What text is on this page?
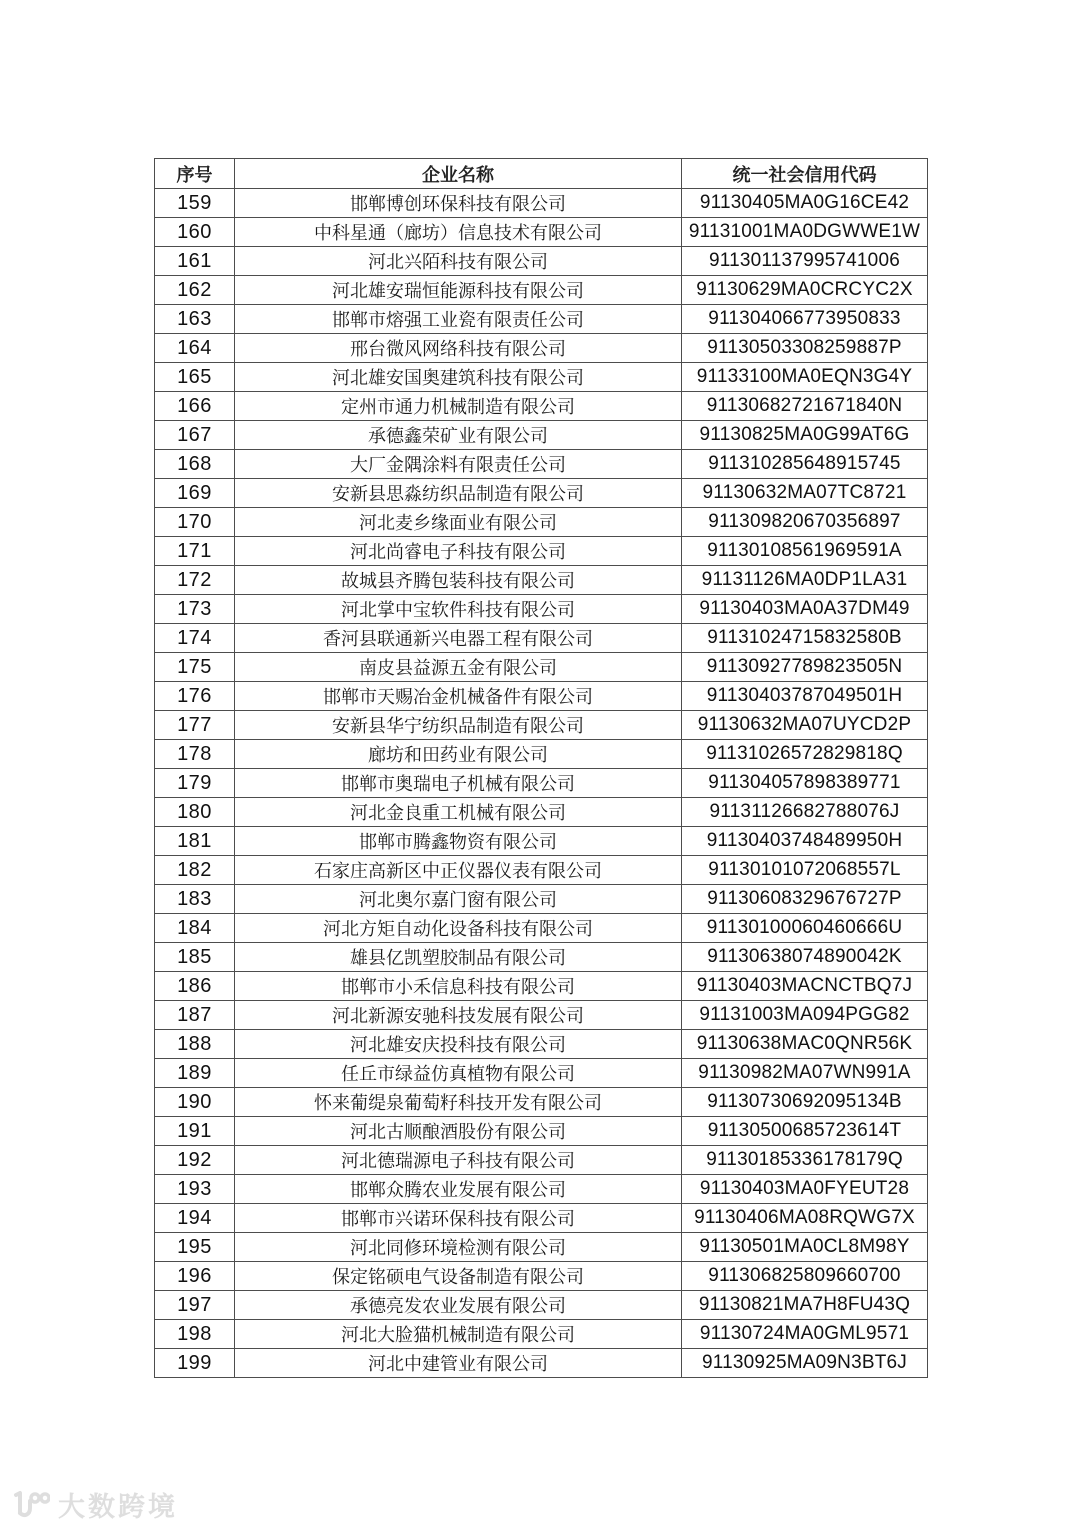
序号	企业名称	统一社会信用代码
159	邯郸博创环保科技有限公司	91130405MA0G16CE42
160	中科星通（廊坊）信息技术有限公司	91131001MA0DGWWE1W
161	河北兴陌科技有限公司	911301137995741006
162	河北雄安瑞恒能源科技有限公司	91130629MA0CRCYC2X
163	邯郸市熔强工业瓷有限责任公司	911304066773950833
164	邢台微风网络科技有限公司	91130503308259887P
165	河北雄安国奥建筑科技有限公司	91133100MA0EQN3G4Y
166	定州市通力机械制造有限公司	91130682721671840N
167	承德鑫荣矿业有限公司	91130825MA0G99AT6G
168	大厂金隅涂料有限责任公司	911310285648915745
169	安新县思淼纺织品制造有限公司	91130632MA07TC8721
170	河北麦乡缘面业有限公司	911309820670356897
171	河北尚睿电子科技有限公司	91130108561969591A
172	故城县齐腾包装科技有限公司	91131126MA0DP1LA31
173	河北掌中宝软件科技有限公司	91130403MA0A37DM49
174	香河县联通新兴电器工程有限公司	91131024715832580B
175	南皮县益源五金有限公司	91130927789823505N
176	邯郸市天赐冶金机械备件有限公司	91130403787049501H
177	安新县华宁纺织品制造有限公司	91130632MA07UYCD2P
178	廊坊和田药业有限公司	91131026572829818Q
179	邯郸市奥瑞电子机械有限公司	911304057898389771
180	河北金良重工机械有限公司	91131126682788076J
181	邯郸市腾鑫物资有限公司	91130403748489950H
182	石家庄高新区中正仪器仪表有限公司	91130101072068557L
183	河北奥尔嘉门窗有限公司	91130608329676727P
184	河北方矩自动化设备科技有限公司	91130100060460666U
185	雄县亿凯塑胶制品有限公司	91130638074890042K
186	邯郸市小禾信息科技有限公司	91130403MACNCTBQ7J
187	河北新源安驰科技发展有限公司	91131003MA094PGG82
188	河北雄安庆投科技有限公司	91130638MAC0QNR56K
189	任丘市绿益仿真植物有限公司	91130982MA07WN991A
190	怀来葡缇泉葡萄籽科技开发有限公司	91130730692095134B
191	河北古顺酿酒股份有限公司	91130500685723614T
192	河北德瑞源电子科技有限公司	91130185336178179Q
193	邯郸众腾农业发展有限公司	91130403MA0FYEUT28
194	邯郸市兴诺环保科技有限公司	91130406MA08RQWG7X
195	河北同修环境检测有限公司	91130501MA0CL8M98Y
196	保定铭硕电气设备制造有限公司	911306825809660700
197	承德亮发农业发展有限公司	91130821MA7H8FU43Q
198	河北大脸猫机械制造有限公司	91130724MA0GML9571
199	河北中建管业有限公司	91130925MA09N3BT6J
大数跨境
